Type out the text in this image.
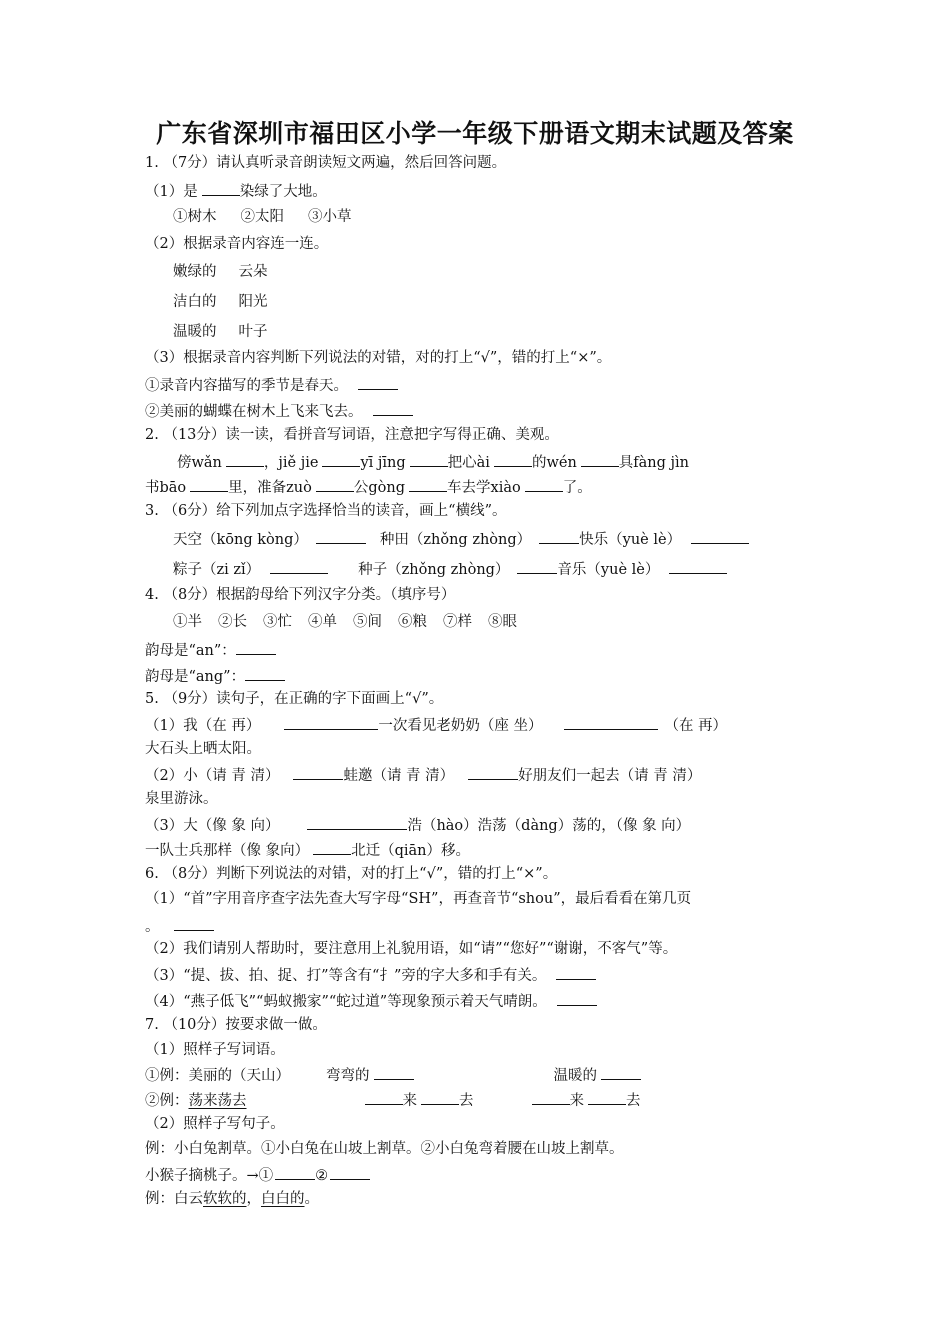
广东省深圳市福田区小学一年级下册语文期末试题及答案
1. （7分）请认真听录音朗读短文两遍，然后回答问题。
（1）是	染绿了大地。
①树木 ②太阳 ③小草
（2）根据录音内容连一连。
嫩绿的 云朵
洁白的 阳光
温暖的 叶子
（3）根据录音内容判断下列说法的对错，对的打上“√”，错的打上“×”。
①录音内容描写的季节是春天。
②美丽的蝴蝶在树木上飞来飞去。
2. （13分）读一读，看拼音写词语，注意把字写得正确、美观。
傍wǎn	，jiě jie	yī jīng	把心ài	的wén	具fàng jìn
书bāo	里，准备zuò	公gòng	车去学xiào	了。
3. （6分）给下列加点字选择恰当的读音，画上“横线”。
天空（kōng kòng）	种田（zhǒng zhòng）	快乐（yuè lè）
粽子（zi zǐ）	种子（zhǒng zhòng）	音乐（yuè lè）
4. （8分）根据韵母给下列汉字分类。（填序号）
①半 ②长 ③忙 ④单 ⑤间 ⑥粮 ⑦样 ⑧眼
韵母是“an”：
韵母是“ang”：
5. （9分）读句子，在正确的字下面画上“√”。
（1）我（在 再）	一次看见老奶奶（座 坐）	（在 再）
大石头上晒太阳。
（2）小（请 青 清）	蛙邀（请 青 清）	好朋友们一起去（请 青 清）
泉里游泳。
（3）大（像 象 向）	浩（hào）浩荡（dàng）荡的，（像 象 向）
一队士兵那样（像 象向）	北迁（qiān）移。
6. （8分）判断下列说法的对错，对的打上“√”，错的打上“×”。
（1）“首”字用音序查字法先查大写字母“SH”，再查音节“shou”，最后看看在第几页
。
（2）我们请别人帮助时，要注意用上礼貌用语，如“请”“您好”“谢谢，不客气”等。
（3）“提、拔、拍、捉、打”等含有“扌”旁的字大多和手有关。
（4）“燕子低飞”“蚂蚁搬家”“蛇过道”等现象预示着天气晴朗。
7. （10分）按要求做一做。
（1）照样子写词语。
①例：美丽的（天山） 弯弯的	温暖的
②例：荡来荡去	来	去	来	去
（2）照样子写句子。
例：小白兔割草。①小白兔在山坡上割草。②小白兔弯着腰在山坡上割草。
小猴子摘桃子。→①	②
例：白云软软的，白白的。
